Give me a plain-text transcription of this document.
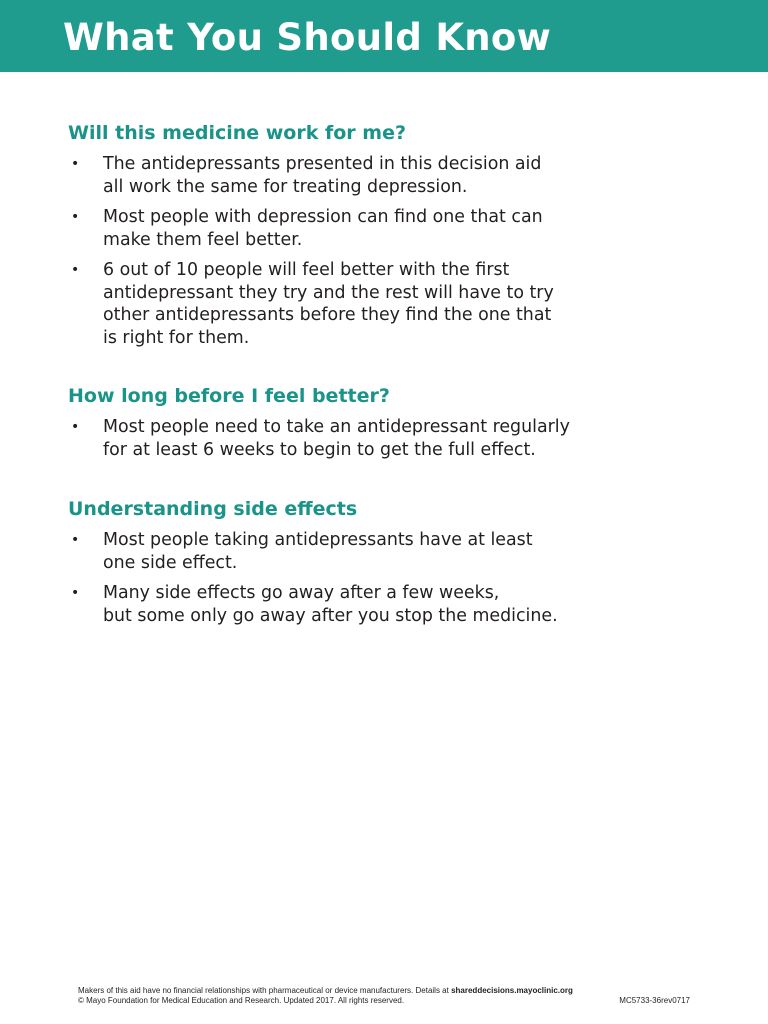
What You Should Know
Will this medicine work for me?
• The antidepressants presented in this decision aid
all work the same for treating depression.
• Most people with depression can find one that can
make them feel better.
• 6 out of 10 people will feel better with the first
antidepressant they try and the rest will have to try
other antidepressants before they find the one that
is right for them.
How long before I feel better?
• Most people need to take an antidepressant regularly
for at least 6 weeks to begin to get the full effect.
Understanding side effects
• Most people taking antidepressants have at least
one side effect.
• Many side effects go away after a few weeks,
but some only go away after you stop the medicine.
Makers of this aid have no financial relationships with pharmaceutical or device manufacturers. Details at shareddecisions.mayoclinic.org
© Mayo Foundation for Medical Education and Research. Updated 2017. All rights reserved.	MC5733-36rev0717
